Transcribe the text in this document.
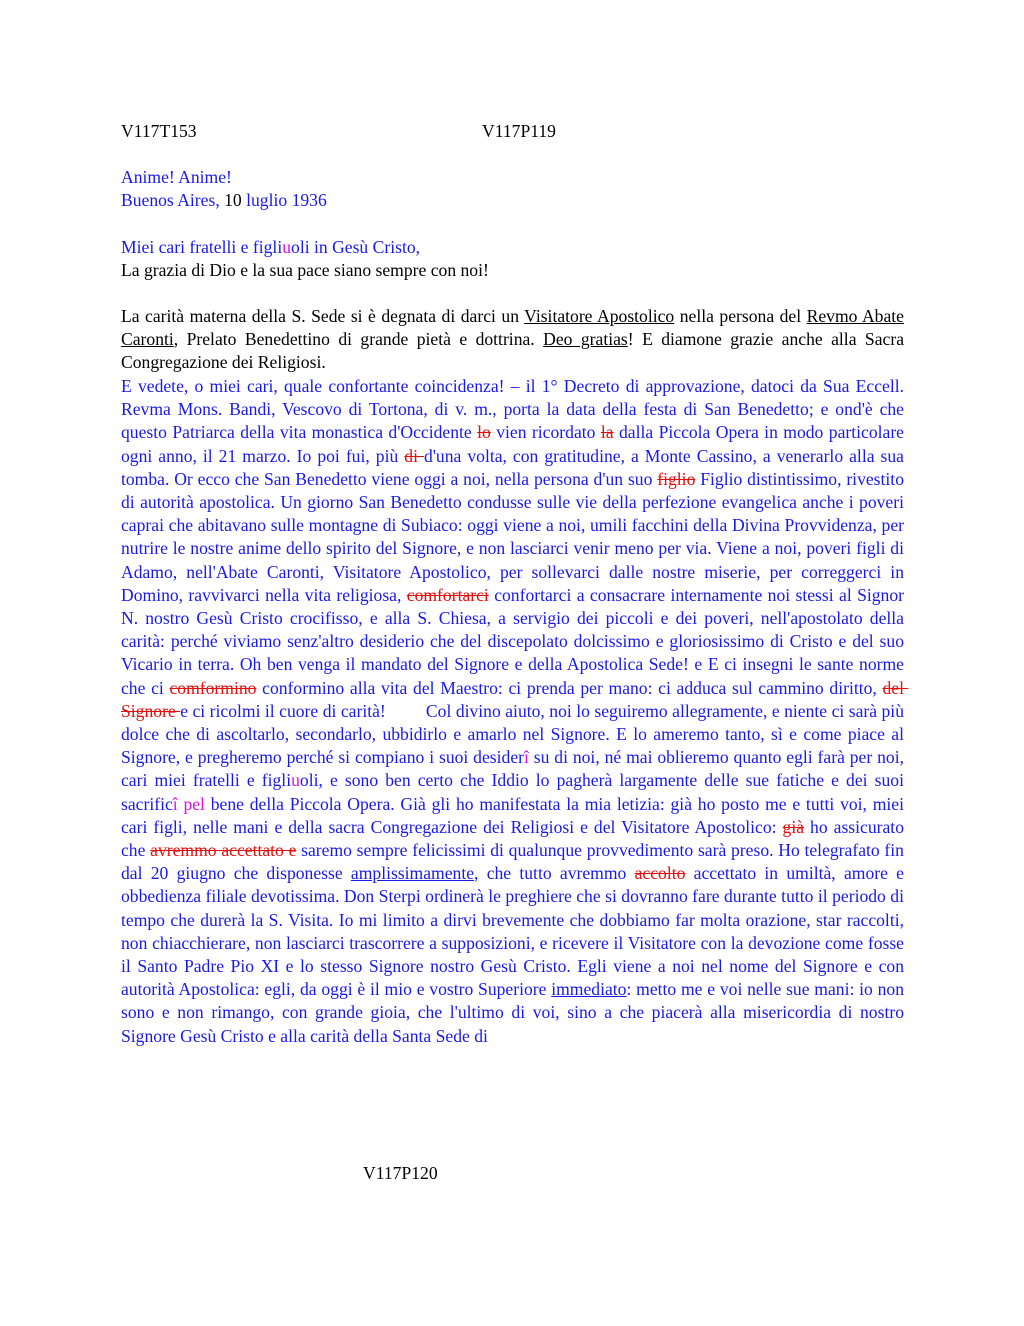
V117T153	V117P119
Anime! Anime!
Buenos Aires, 10 luglio 1936
Miei cari fratelli e figliuoli in Gesù Cristo,
La grazia di Dio e la sua pace siano sempre con noi!
La carità materna della S. Sede si è degnata di darci un Visitatore Apostolico nella persona del Revmo Abate Caronti, Prelato Benedettino di grande pietà e dottrina. Deo gratias! E diamone grazie anche alla Sacra Congregazione dei Religiosi.
E vedete, o miei cari, quale confortante coincidenza! – il 1° Decreto di approvazione, datoci da Sua Eccell. Revma Mons. Bandi, Vescovo di Tortona, di v. m., porta la data della festa di San Benedetto; e ond'è che questo Patriarca della vita monastica d'Occidente lo vien ricordato la dalla Piccola Opera in modo particolare ogni anno, il 21 marzo. Io poi fui, più di d'una volta, con gratitudine, a Monte Cassino, a venerarlo alla sua tomba. Or ecco che San Benedetto viene oggi a noi, nella persona d'un suo figlio Figlio distintissimo, rivestito di autorità apostolica. Un giorno San Benedetto condusse sulle vie della perfezione evangelica anche i poveri caprai che abitavano sulle montagne di Subiaco: oggi viene a noi, umili facchini della Divina Provvidenza, per nutrire le nostre anime dello spirito del Signore, e non lasciarci venir meno per via. Viene a noi, poveri figli di Adamo, nell'Abate Caronti, Visitatore Apostolico, per sollevarci dalle nostre miserie, per correggerci in Domino, ravvivarci nella vita religiosa, comfortarci confortarci a consacrare internamente noi stessi al Signor N. nostro Gesù Cristo crocifisso, e alla S. Chiesa, a servigio dei piccoli e dei poveri, nell'apostolato della carità: perché viviamo senz'altro desiderio che del discepolato dolcissimo e gloriosissimo di Cristo e del suo Vicario in terra. Oh ben venga il mandato del Signore e della Apostolica Sede! e E ci insegni le sante norme che ci comformino conformino alla vita del Maestro: ci prenda per mano: ci adduca sul cammino diritto, del Signore e ci ricolmi il cuore di carità!         Col divino aiuto, noi lo seguiremo allegramente, e niente ci sarà più dolce che di ascoltarlo, secondarlo, ubbidirlo e amarlo nel Signore. E lo ameremo tanto, sì e come piace al Signore, e pregheremo perché si compiano i suoi desiderî su di noi, né mai oblieremo quanto egli farà per noi, cari miei fratelli e figliuoli, e sono ben certo che Iddio lo pagherà largamente delle sue fatiche e dei suoi sacrificî pel bene della Piccola Opera. Già gli ho manifestata la mia letizia: già ho posto me e tutti voi, miei cari figli, nelle mani e della sacra Congregazione dei Religiosi e del Visitatore Apostolico: già ho assicurato che avremmo accettato e saremo sempre felicissimi di qualunque provvedimento sarà preso. Ho telegrafato fin dal 20 giugno che disponesse amplissimamente, che tutto avremmo accolto accettato in umiltà, amore e obbedienza filiale devotissima. Don Sterpi ordinerà le preghiere che si dovranno fare durante tutto il periodo di tempo che durerà la S. Visita. Io mi limito a dirvi brevemente che dobbiamo far molta orazione, star raccolti, non chiacchierare, non lasciarci trascorrere a supposizioni, e ricevere il Visitatore con la devozione come fosse il Santo Padre Pio XI e lo stesso Signore nostro Gesù Cristo. Egli viene a noi nel nome del Signore e con autorità Apostolica: egli, da oggi è il mio e vostro Superiore immediato: metto me e voi nelle sue mani: io non sono e non rimango, con grande gioia, che l'ultimo di voi, sino a che piacerà alla misericordia di nostro Signore Gesù Cristo e alla carità della Santa Sede di
V117P120
